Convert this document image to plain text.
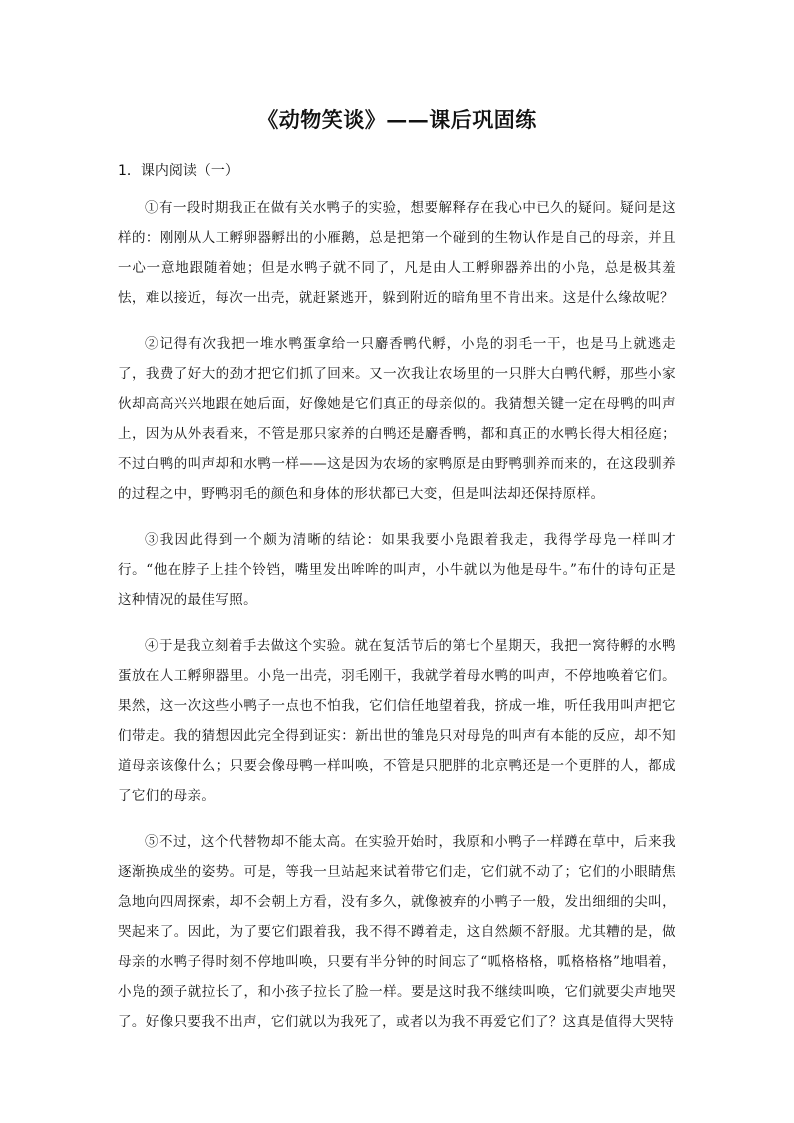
《动物笑谈》——课后巩固练
1．课内阅读（一）

①有一段时期我正在做有关水鸭子的实验，想要解释存在我心中已久的疑问。疑问是这样的：刚刚从人工孵卵器孵出的小雁鹅，总是把第一个碰到的生物认作是自己的母亲，并且一心一意地跟随着她；但是水鸭子就不同了，凡是由人工孵卵器养出的小凫，总是极其羞怯，难以接近，每次一出壳，就赶紧逃开，躲到附近的暗角里不肯出来。这是什么缘故呢？

②记得有次我把一堆水鸭蛋拿给一只麝香鸭代孵，小凫的羽毛一干，也是马上就逃走了，我费了好大的劲才把它们抓了回来。又一次我让农场里的一只胖大白鸭代孵，那些小家伙却高高兴兴地跟在她后面，好像她是它们真正的母亲似的。我猜想关键一定在母鸭的叫声上，因为从外表看来，不管是那只家养的白鸭还是麝香鸭，都和真正的水鸭长得大相径庭；不过白鸭的叫声却和水鸭一样——这是因为农场的家鸭原是由野鸭驯养而来的，在这段驯养的过程之中，野鸭羽毛的颜色和身体的形状都已大变，但是叫法却还保持原样。

③我因此得到一个颇为清晰的结论：如果我要小凫跟着我走，我得学母凫一样叫才行。“他在脖子上挂个铃铛，嘴里发出哞哞的叫声，小牛就以为他是母牛。”布什的诗句正是这种情况的最佳写照。

④于是我立刻着手去做这个实验。就在复活节后的第七个星期天，我把一窝待孵的水鸭蛋放在人工孵卵器里。小凫一出壳，羽毛刚干，我就学着母水鸭的叫声，不停地唤着它们。果然，这一次这些小鸭子一点也不怕我，它们信任地望着我，挤成一堆，听任我用叫声把它们带走。我的猜想因此完全得到证实：新出世的雏凫只对母凫的叫声有本能的反应，却不知道母亲该像什么；只要会像母鸭一样叫唤，不管是只肥胖的北京鸭还是一个更胖的人，都成了它们的母亲。

⑤不过，这个代替物却不能太高。在实验开始时，我原和小鸭子一样蹲在草中，后来我逐渐换成坐的姿势。可是，等我一旦站起来试着带它们走，它们就不动了；它们的小眼睛焦急地向四周探索，却不会朝上方看，没有多久，就像被弃的小鸭子一般，发出细细的尖叫，哭起来了。因此，为了要它们跟着我，我不得不蹲着走，这自然颇不舒服。尤其糟的是，做母亲的水鸭子得时刻不停地叫唤，只要有半分钟的时间忘了“呱格格格，呱格格格”地唱着，小凫的颈子就拉长了，和小孩子拉长了脸一样。要是这时我不继续叫唤，它们就要尖声地哭了。好像只要我不出声，它们就以为我死了，或者以为我不再爱它们了？这真是值得大哭特
